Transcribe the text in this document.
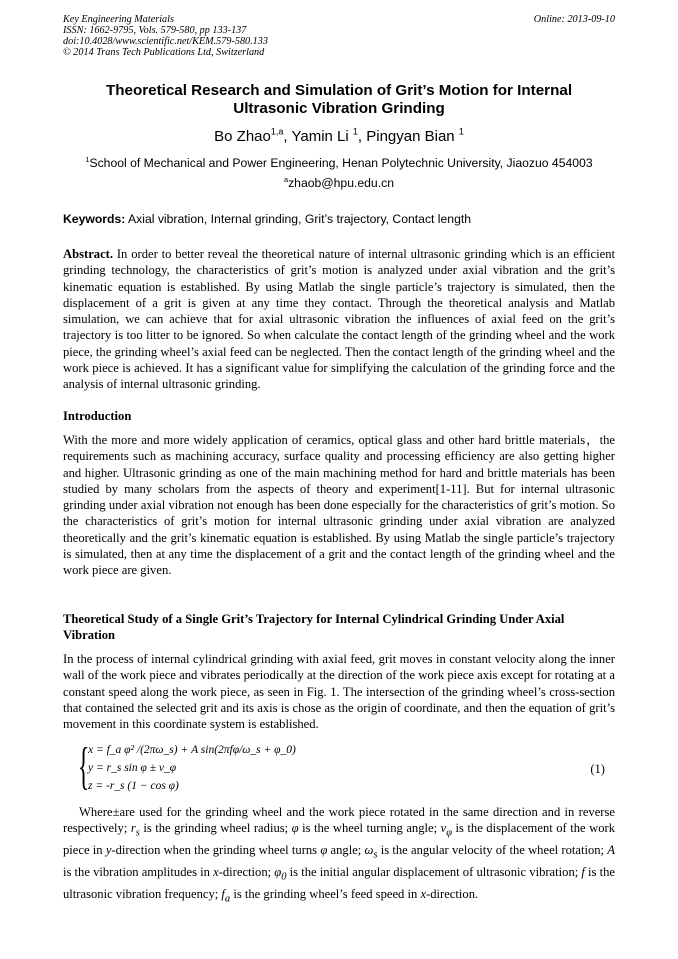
Key Engineering Materials
ISSN: 1662-9795, Vols. 579-580, pp 133-137
doi:10.4028/www.scientific.net/KEM.579-580.133
© 2014 Trans Tech Publications Ltd, Switzerland
Online: 2013-09-10
Theoretical Research and Simulation of Grit’s Motion for Internal
Ultrasonic Vibration Grinding
Bo Zhao$^{1,a}$, Yamin Li $^1$, Pingyan Bian $^1$
$^1$School of Mechanical and Power Engineering, Henan Polytechnic University, Jiaozuo 454003
$^a$zhaob@hpu.edu.cn
Keywords: Axial vibration, Internal grinding, Grit’s trajectory, Contact length
Abstract. In order to better reveal the theoretical nature of internal ultrasonic grinding which is an efficient grinding technology, the characteristics of grit’s motion is analyzed under axial vibration and the grit’s kinematic equation is established. By using Matlab the single particle’s trajectory is simulated, then the displacement of a grit is given at any time they contact. Through the theoretical analysis and Matlab simulation, we can achieve that for axial ultrasonic vibration the influences of axial feed on the grit’s trajectory is too litter to be ignored. So when calculate the contact length of the grinding wheel and the work piece, the grinding wheel’s axial feed can be neglected. Then the contact length of the grinding wheel and the work piece is achieved. It has a significant value for simplifying the calculation of the grinding force and the analysis of internal ultrasonic grinding.
Introduction
With the more and more widely application of ceramics, optical glass and other hard brittle materials，the requirements such as machining accuracy, surface quality and processing efficiency are also getting higher and higher. Ultrasonic grinding as one of the main machining method for hard and brittle materials has been studied by many scholars from the aspects of theory and experiment[1-11]. But for internal ultrasonic grinding under axial vibration not enough has been done especially for the characteristics of grit’s motion. So the characteristics of grit’s motion for internal ultrasonic grinding under axial vibration are analyzed theoretically and the grit’s kinematic equation is established. By using Matlab the single particle’s trajectory is simulated, then at any time the displacement of a grit and the contact length of the grinding wheel and the work piece are given.
Theoretical Study of a Single Grit’s Trajectory for Internal Cylindrical Grinding Under Axial Vibration
In the process of internal cylindrical grinding with axial feed, grit moves in constant velocity along the inner wall of the work piece and vibrates periodically at the direction of the work piece axis except for rotating at a constant speed along the work piece, as seen in Fig. 1. The intersection of the grinding wheel’s cross-section that contained the selected grit and its axis is chose as the origin of coordinate, and then the equation of grit’s movement in this coordinate system is established.
{
x = f_a φ² /(2πω_s) + A sin(2πfφ/ω_s + φ_0)
y = r_s sin φ ± v_φ
z = -r_s (1 − cos φ)
(1)
Where±are used for the grinding wheel and the work piece rotated in the same direction and in reverse respectively; $r_s$ is the grinding wheel radius; φ is the wheel turning angle; $v_\varphi$ is the displacement of the work piece in y-direction when the grinding wheel turns φ angle; $\omega_s$ is the angular velocity of the wheel rotation; A is the vibration amplitudes in x-direction; $\varphi_0$ is the initial angular displacement of ultrasonic vibration; f is the ultrasonic vibration frequency; $f_a$ is the grinding wheel’s feed speed in x-direction.
